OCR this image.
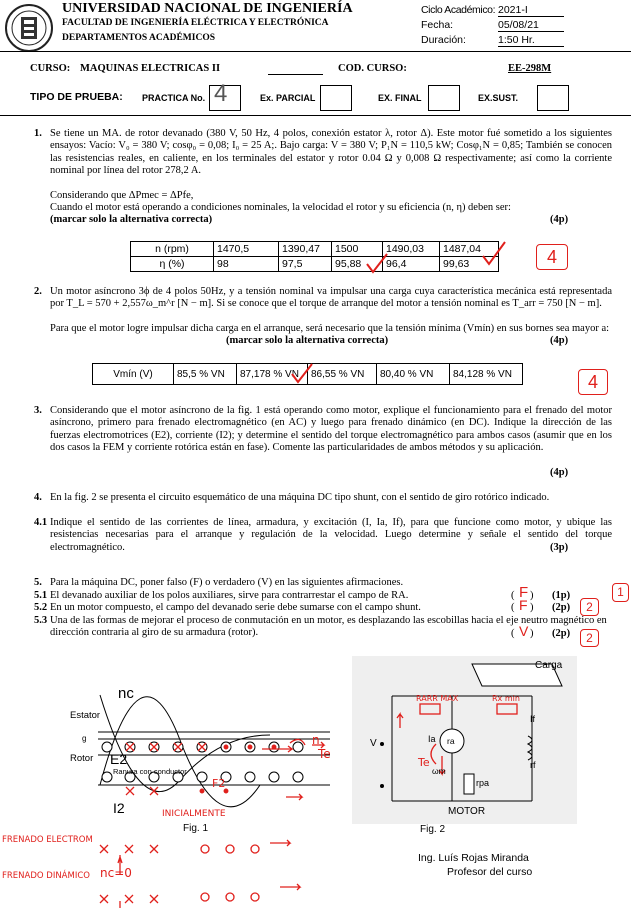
UNIVERSIDAD NACIONAL DE INGENIERÍA
FACULTAD DE INGENIERÍA ELÉCTRICA Y ELECTRÓNICA
DEPARTAMENTOS ACADÉMICOS
Ciclo Académico: 2021-I
Fecha:	05/08/21
Duración:	1:50 Hr.
CURSO: MAQUINAS ELECTRICAS II	COD. CURSO:	EE-298M
TIPO DE PRUEBA: PRACTICA No. 4	Ex. PARCIAL	EX. FINAL	EX.SUST.
1. Se tiene un MA. de rotor devanado (380 V, 50 Hz, 4 polos, conexión estator λ, rotor Δ). Este motor fué sometido a los siguientes ensayos: Vacío: V₀ = 380 V; cosφ₀ = 0,08; I₀ = 25 A;. Bajo carga: V = 380 V; P₁N = 110,5 kW; Cosφ₁N = 0,85; También se conocen las resistencias reales, en caliente, en los terminales del estator y rotor 0.04 Ω y 0,008 Ω respectivamente; así como la corriente nominal por línea del rotor 278,2 A.
Considerando que ΔPmec = ΔPfe,
Cuando el motor está operando a condiciones nominales, la velocidad el rotor y su eficiencia (n, η) deben ser:
(marcar solo la alternativa correcta)	(4p)
n (rpm)	1470,5	1390,47	1500	1490,03	1487,04
η (%)	98	97,5	95,88	96,4	99,63	4
2. Un motor asíncrono 3ϕ de 4 polos 50Hz, y a tensión nominal va impulsar una carga cuya característica mecánica está representada por T_L = 570 + 2,557ω_m^r [N − m]. Si se conoce que el torque de arranque del motor a tensión nominal es T_arr = 750 [N − m].
Para que el motor logre impulsar dicha carga en el arranque, será necesario que la tensión mínima (Vmín) en sus bornes sea mayor a:
(marcar solo la alternativa correcta)	(4p)
Vmín (V)	85,5 % VN	87,178 % VN	86,55 % VN	80,40 % VN	84,128 % VN	4
3. Considerando que el motor asíncrono de la fig. 1 está operando como motor, explique el funcionamiento para el frenado del motor asíncrono, primero para frenado electromagnético (en AC) y luego para frenado dinámico (en DC). Indique la dirección de las fuerzas electromotrices (E2), corriente (I2); y determine el sentido del torque electromagnético para ambos casos (asumir que en los dos casos la FEM y corriente rotórica están en fase). Comente las particularidades de ambos métodos y su aplicación.
(4p)
4. En la fig. 2 se presenta el circuito esquemático de una máquina DC tipo shunt, con el sentido de giro rotórico indicado.
4.1 Indique el sentido de las corrientes de línea, armadura, y excitación (I, Ia, If), para que funcione como motor, y ubique las resistencias necesarias para el arranque y regulación de la velocidad. Luego determine y señale el sentido del torque electromagnético.	(3p)
5. Para la máquina DC, poner falso (F) o verdadero (V) en las siguientes afirmaciones.
5.1 El devanado auxiliar de los polos auxiliares, sirve para contrarrestar el campo de RA.	( F ) (1p)	1
5.2 En un motor compuesto, el campo del devanado serie debe sumarse con el campo shunt.	( F ) (2p)	2
5.3 Una de las formas de mejorar el proceso de conmutación en un motor, es desplazando las escobillas hacia el eje neutro magnético en dirección contraria al giro de su armadura (rotor).	( V ) (2p)	2
nc
Estator
g
Rotor E2
Ranura con conductor
I2
Fig. 1
INICIALMENTE
FRENADO ELECTROM
FRENADO DINÁMICO nc=0
Te
n
F2
Carga
V	Ia ra
If
rf
rpa
ωm
MOTOR
RARR MAX	Rx min
Te
Fig. 2
Ing. Luís Rojas Miranda
Profesor del curso
